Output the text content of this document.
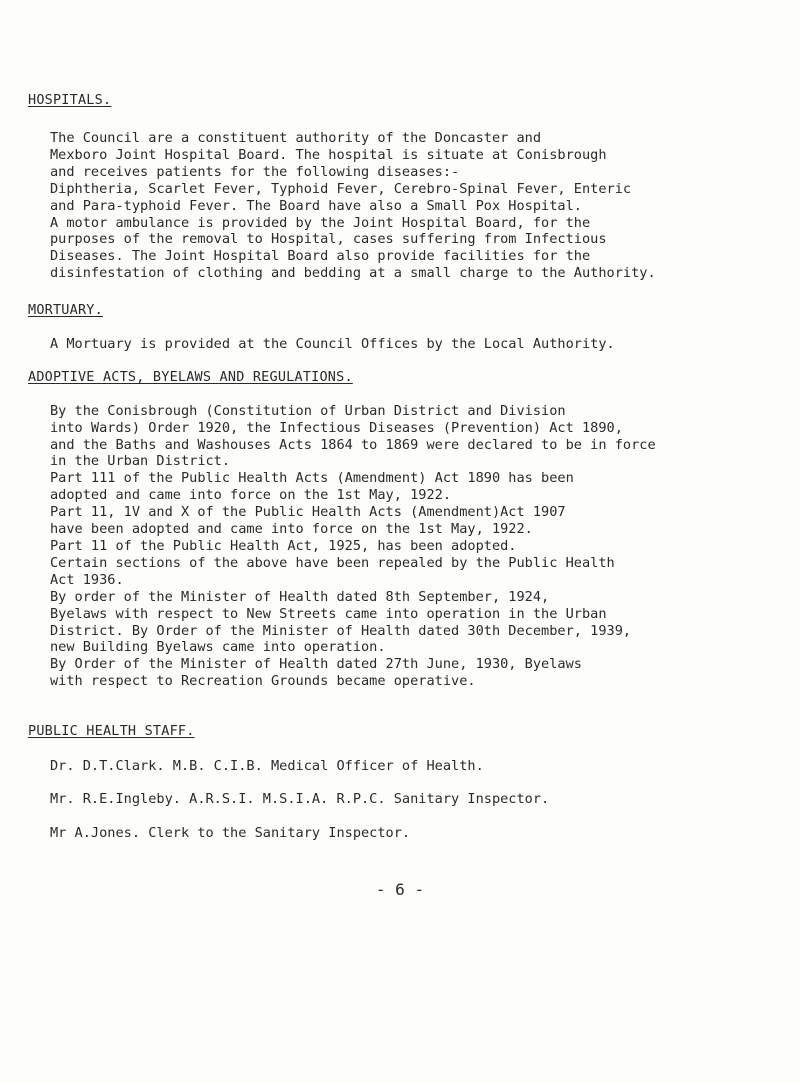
HOSPITALS.

The Council are a constituent authority of the Doncaster and
Mexboro Joint Hospital Board. The hospital is situate at Conisbrough
and receives patients for the following diseases:-

Diphtheria, Scarlet Fever, Typhoid Fever, Cerebro-Spinal Fever, Enteric
and Para-typhoid Fever. The Board have also a Small Pox Hospital.
A motor ambulance is provided by the Joint Hospital Board, for the
purposes of the removal to Hospital, cases suffering from Infectious
Diseases. The Joint Hospital Board also provide facilities for the
disinfestation of clothing and bedding at a small charge to the Authority.

MORTUARY.
A Mortuary is provided at the Council Offices by the Local Authority.
ADOPTIVE ACTS, BYELAWS AND REGULATIONS.

By the Conisbrough (Constitution of Urban District and Division
into Wards) Order 1920, the Infectious Diseases (Prevention) Act 1890,
and the Baths and Washouses Acts 1864 to 1869 were declared to be in force
in the Urban District.

Part 111 of the Public Health Acts (Amendment) Act 1890 has been
adopted and came into force on the 1st May, 1922.

Part 11, 1V and X of the Public Health Acts (Amendment)Act 1907
have been adopted and came into force on the 1st May, 1922.

Part 11 of the Public Health Act, 1925, has been adopted.
Certain sections of the above have been repealed by the Public Health
Act 1936.

By order of the Minister of Health dated 8th September, 1924,
Byelaws with respect to New Streets came into operation in the Urban
District. By Order of the Minister of Health dated 30th December, 1939,
new Building Byelaws came into operation.

By Order of the Minister of Health dated 27th June, 1930, Byelaws
with respect to Recreation Grounds became operative.

PUBLIC HEALTH STAFF.
Dr. D.T.Clark. M.B. C.I.B. Medical Officer of Health.
Mr. R.E.Ingleby. A.R.S.I. M.S.I.A. R.P.C. Sanitary Inspector.
Mr A.Jones. Clerk to the Sanitary Inspector.
- 6 -
